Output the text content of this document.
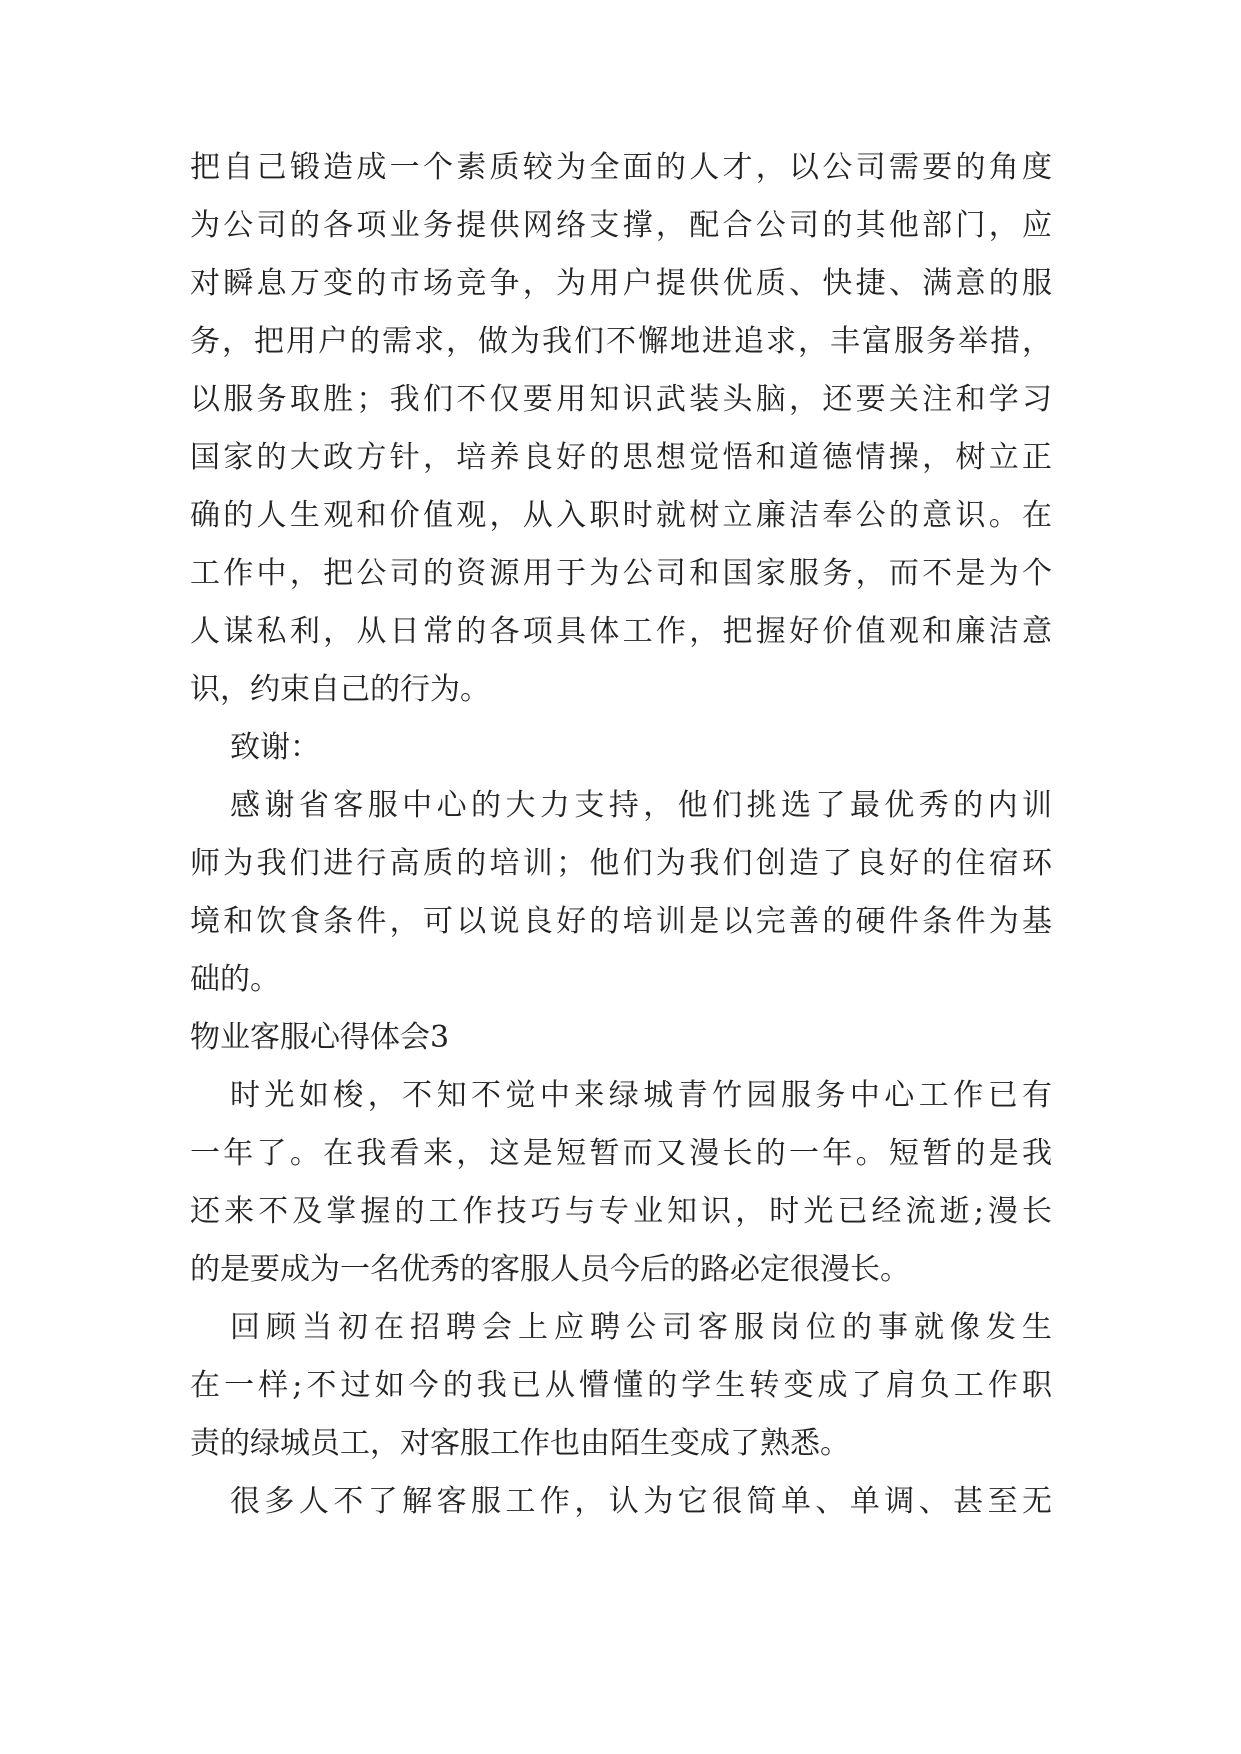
把自己锻造成一个素质较为全面的人才，以公司需要的角度
为公司的各项业务提供网络支撑，配合公司的其他部门，应
对瞬息万变的市场竞争，为用户提供优质、快捷、满意的服
务，把用户的需求，做为我们不懈地进追求，丰富服务举措，
以服务取胜；我们不仅要用知识武装头脑，还要关注和学习
国家的大政方针，培养良好的思想觉悟和道德情操，树立正
确的人生观和价值观，从入职时就树立廉洁奉公的意识。在
工作中，把公司的资源用于为公司和国家服务，而不是为个
人谋私利，从日常的各项具体工作，把握好价值观和廉洁意
识，约束自己的行为。
致谢：
感谢省客服中心的大力支持，他们挑选了最优秀的内训
师为我们进行高质的培训；他们为我们创造了良好的住宿环
境和饮食条件，可以说良好的培训是以完善的硬件条件为基
础的。
物业客服心得体会3
时光如梭，不知不觉中来绿城青竹园服务中心工作已有
一年了。在我看来，这是短暂而又漫长的一年。短暂的是我
还来不及掌握的工作技巧与专业知识，时光已经流逝;漫长
的是要成为一名优秀的客服人员今后的路必定很漫长。
回顾当初在招聘会上应聘公司客服岗位的事就像发生
在一样;不过如今的我已从懵懂的学生转变成了肩负工作职
责的绿城员工，对客服工作也由陌生变成了熟悉。
很多人不了解客服工作，认为它很简单、单调、甚至无
